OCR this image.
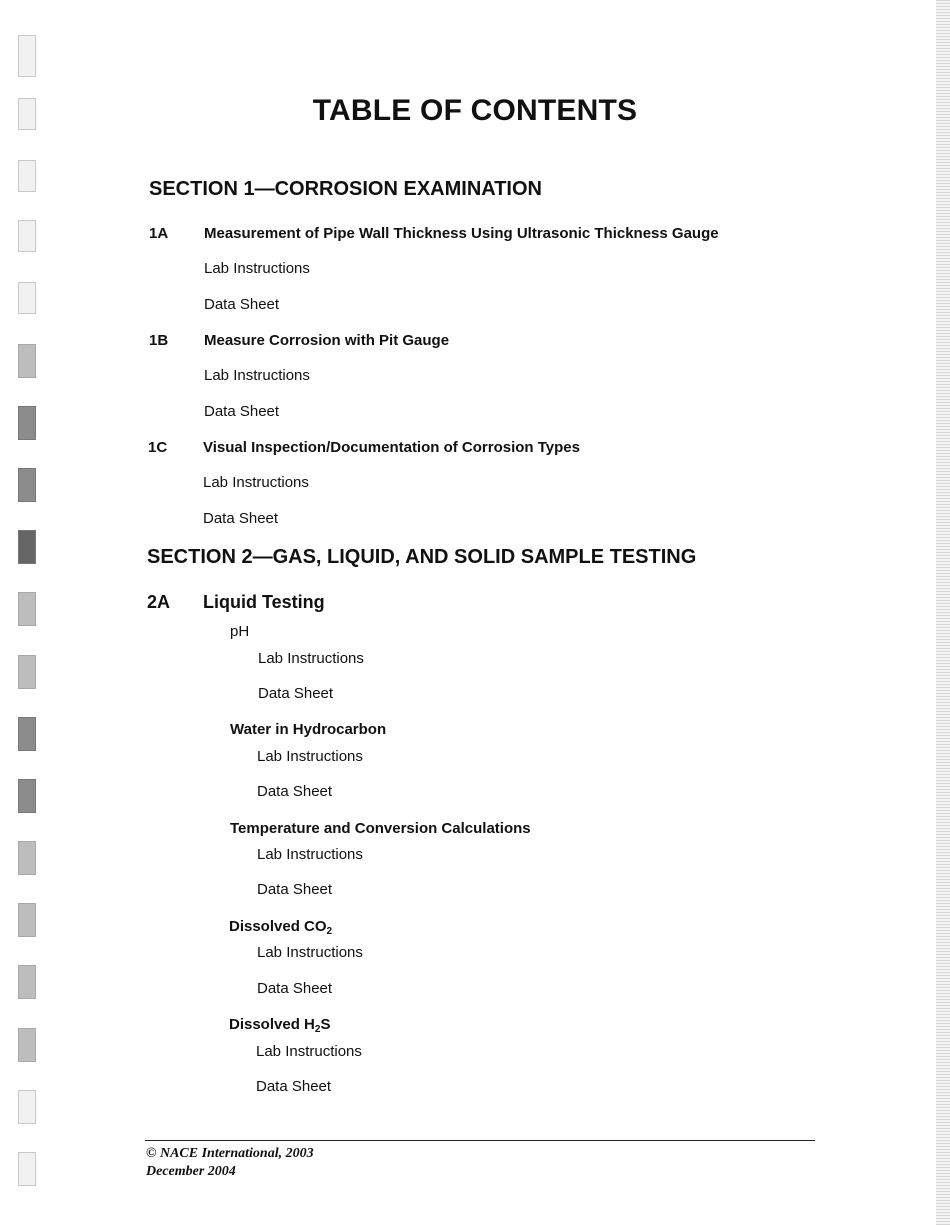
TABLE OF CONTENTS
SECTION 1—CORROSION EXAMINATION
1A Measurement of Pipe Wall Thickness Using Ultrasonic Thickness Gauge
Lab Instructions
Data Sheet
1B Measure Corrosion with Pit Gauge
Lab Instructions
Data Sheet
1C Visual Inspection/Documentation of Corrosion Types
Lab Instructions
Data Sheet
SECTION 2—GAS, LIQUID, AND SOLID SAMPLE TESTING
2A Liquid Testing
pH
Lab Instructions
Data Sheet
Water in Hydrocarbon
Lab Instructions
Data Sheet
Temperature and Conversion Calculations
Lab Instructions
Data Sheet
Dissolved $CO_2$
Lab Instructions
Data Sheet
Dissolved $H_2S$
Lab Instructions
Data Sheet
© NACE International, 2003
December 2004
